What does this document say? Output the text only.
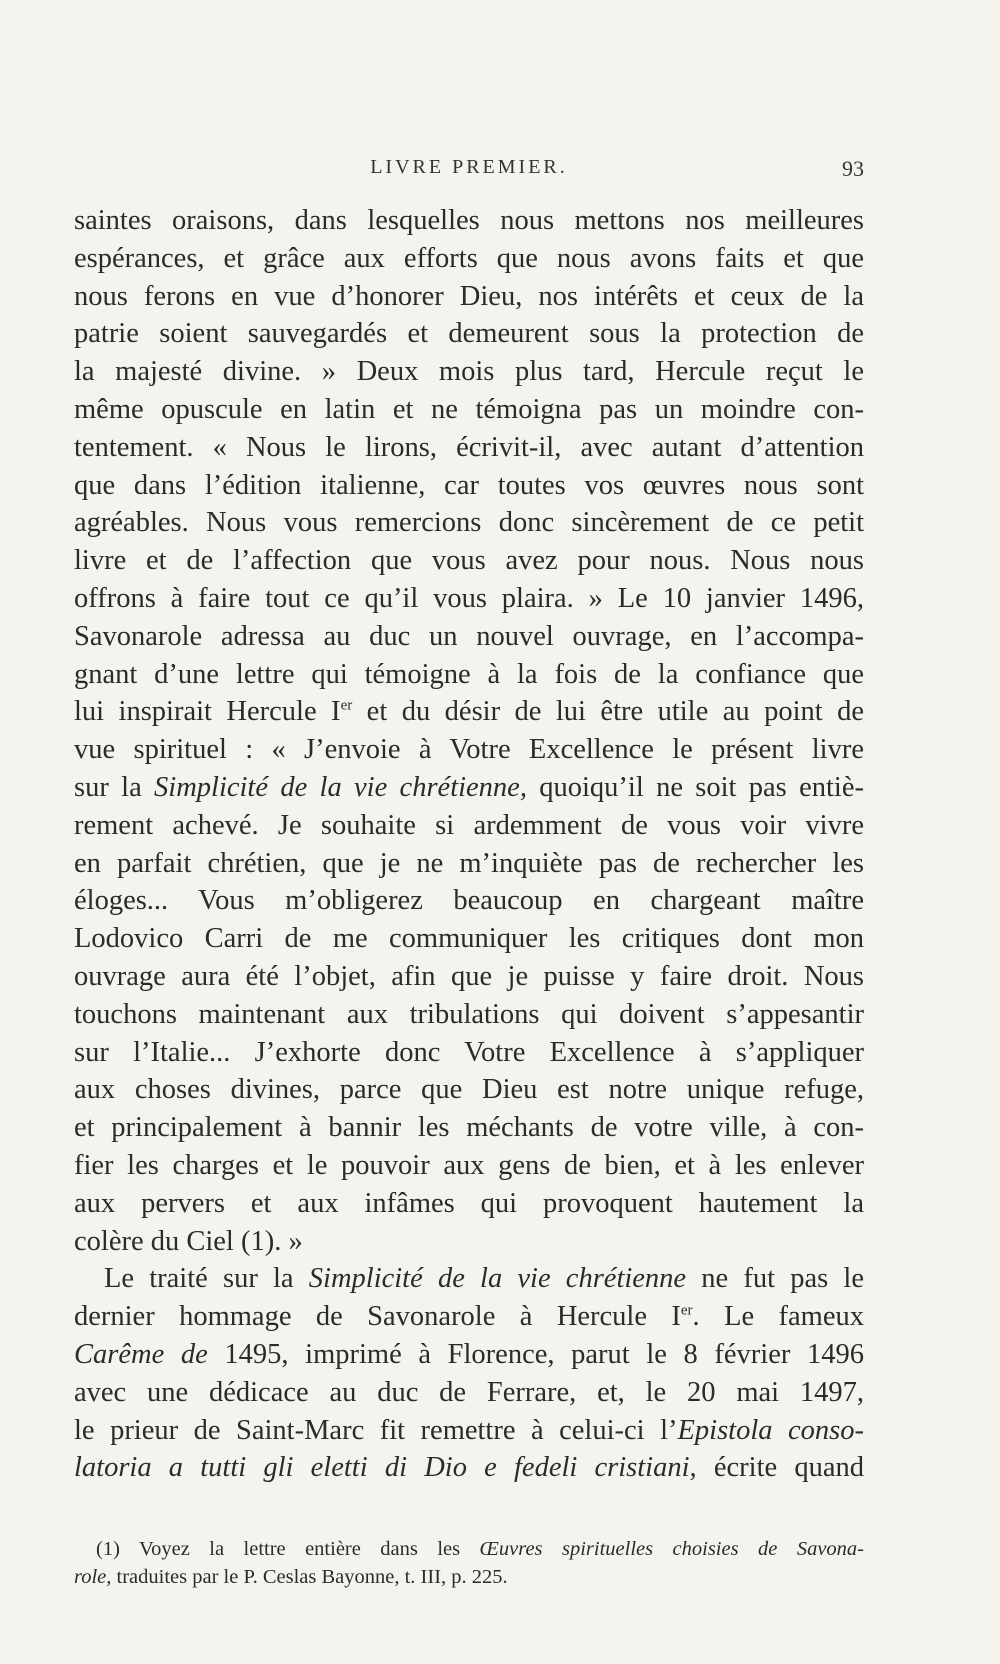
LIVRE PREMIER.	93
saintes oraisons, dans lesquelles nous mettons nos meilleures
espérances, et grâce aux efforts que nous avons faits et que
nous ferons en vue d’honorer Dieu, nos intérêts et ceux de la
patrie soient sauvegardés et demeurent sous la protection de
la majesté divine. » Deux mois plus tard, Hercule reçut le
même opuscule en latin et ne témoigna pas un moindre con-
tentement. « Nous le lirons, écrivit-il, avec autant d’attention
que dans l’édition italienne, car toutes vos œuvres nous sont
agréables. Nous vous remercions donc sincèrement de ce petit
livre et de l’affection que vous avez pour nous. Nous nous
offrons à faire tout ce qu’il vous plaira. » Le 10 janvier 1496,
Savonarole adressa au duc un nouvel ouvrage, en l’accompa-
gnant d’une lettre qui témoigne à la fois de la confiance que
lui inspirait Hercule Ier et du désir de lui être utile au point de
vue spirituel : « J’envoie à Votre Excellence le présent livre
sur la Simplicité de la vie chrétienne, quoiqu’il ne soit pas entiè-
rement achevé. Je souhaite si ardemment de vous voir vivre
en parfait chrétien, que je ne m’inquiète pas de rechercher les
éloges... Vous m’obligerez beaucoup en chargeant maître
Lodovico Carri de me communiquer les critiques dont mon
ouvrage aura été l’objet, afin que je puisse y faire droit. Nous
touchons maintenant aux tribulations qui doivent s’appesantir
sur l’Italie... J’exhorte donc Votre Excellence à s’appliquer
aux choses divines, parce que Dieu est notre unique refuge,
et principalement à bannir les méchants de votre ville, à con-
fier les charges et le pouvoir aux gens de bien, et à les enlever
aux pervers et aux infâmes qui provoquent hautement la
colère du Ciel (1). »
Le traité sur la Simplicité de la vie chrétienne ne fut pas le
dernier hommage de Savonarole à Hercule Ier. Le fameux
Carême de 1495, imprimé à Florence, parut le 8 février 1496
avec une dédicace au duc de Ferrare, et, le 20 mai 1497,
le prieur de Saint-Marc fit remettre à celui-ci l’Epistola conso-
latoria a tutti gli eletti di Dio e fedeli cristiani, écrite quand
(1) Voyez la lettre entière dans les Œuvres spirituelles choisies de Savona-
role, traduites par le P. Ceslas Bayonne, t. III, p. 225.
